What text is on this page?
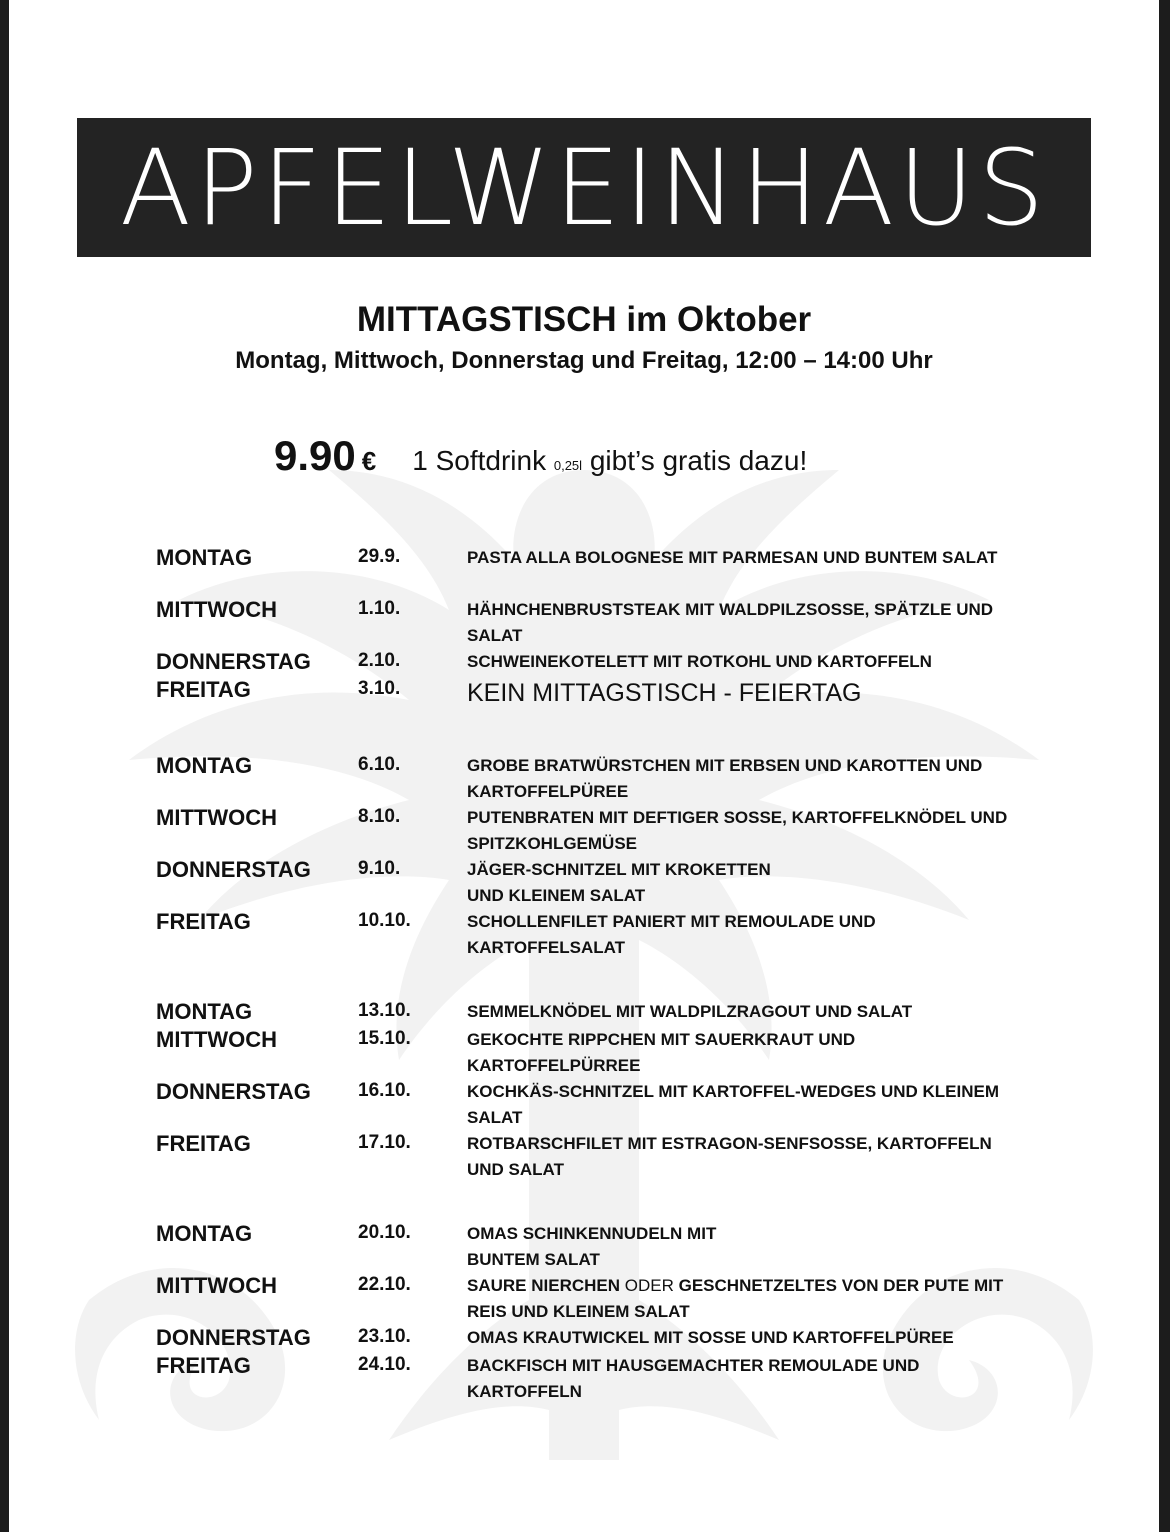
APFELWEINHAUS
MITTAGSTISCH im Oktober
Montag, Mittwoch, Donnerstag und Freitag, 12:00 – 14:00 Uhr
9.90 € 1 Softdrink 0,25l gibt’s gratis dazu!
MONTAG	29.9.	PASTA ALLA BOLOGNESE MIT PARMESAN UND BUNTEM SALAT
MITTWOCH	1.10.	HÄHNCHENBRUSTSTEAK MIT WALDPILZSOSSE, SPÄTZLE UND SALAT
DONNERSTAG 2.10.	SCHWEINEKOTELETT MIT ROTKOHL UND KARTOFFELN
FREITAG	3.10.	KEIN MITTAGSTISCH - FEIERTAG
MONTAG	6.10.	GROBE BRATWÜRSTCHEN MIT ERBSEN UND KAROTTEN UND KARTOFFELPÜREE
MITTWOCH	8.10.	PUTENBRATEN MIT DEFTIGER SOSSE, KARTOFFELKNÖDEL UND SPITZKOHLGEMÜSE
DONNERSTAG 9.10.	JÄGER-SCHNITZEL MIT KROKETTEN UND KLEINEM SALAT
FREITAG	10.10.	SCHOLLENFILET PANIERT MIT REMOULADE UND KARTOFFELSALAT
MONTAG	13.10.	SEMMELKNÖDEL MIT WALDPILZRAGOUT UND SALAT
MITTWOCH	15.10.	GEKOCHTE RIPPCHEN MIT SAUERKRAUT UND KARTOFFELPÜRREE
DONNERSTAG 16.10.	KOCHKÄS-SCHNITZEL MIT KARTOFFEL-WEDGES UND KLEINEM SALAT
FREITAG	17.10.	ROTBARSCHFILET MIT ESTRAGON-SENFSOSSE, KARTOFFELN UND SALAT
MONTAG	20.10.	OMAS SCHINKENNUDELN MIT BUNTEM SALAT
MITTWOCH	22.10.	SAURE NIERCHEN ODER GESCHNETZELTES VON DER PUTE MIT REIS UND KLEINEM SALAT
DONNERSTAG 23.10.	OMAS KRAUTWICKEL MIT SOSSE UND KARTOFFELPÜREE
FREITAG	24.10.	BACKFISCH MIT HAUSGEMACHTER REMOULADE UND KARTOFFELN
